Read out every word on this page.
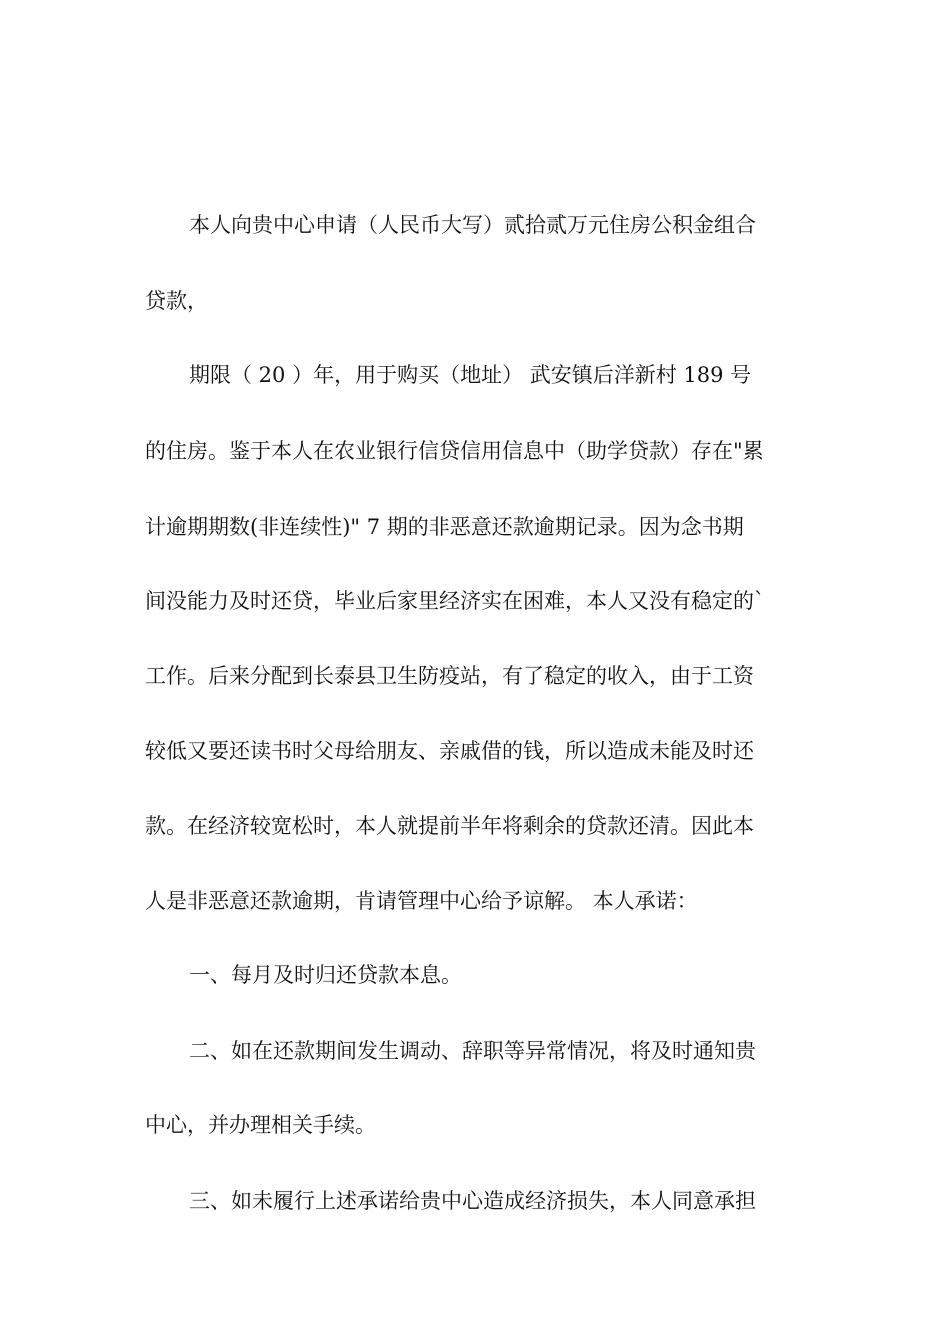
本人向贵中心申请（人民币大写）贰拾贰万元住房公积金组合
贷款，
期限（ 20 ）年，用于购买（地址） 武安镇后洋新村 189 号
的住房。鉴于本人在农业银行信贷信用信息中（助学贷款）存在"累
计逾期期数(非连续性)" 7 期的非恶意还款逾期记录。因为念书期
间没能力及时还贷，毕业后家里经济实在困难，本人又没有稳定的`
工作。后来分配到长泰县卫生防疫站，有了稳定的收入，由于工资
较低又要还读书时父母给朋友、亲戚借的钱，所以造成未能及时还
款。在经济较宽松时，本人就提前半年将剩余的贷款还清。因此本
人是非恶意还款逾期，肯请管理中心给予谅解。 本人承诺：
一、每月及时归还贷款本息。
二、如在还款期间发生调动、辞职等异常情况，将及时通知贵
中心，并办理相关手续。
三、如未履行上述承诺给贵中心造成经济损失，本人同意承担
